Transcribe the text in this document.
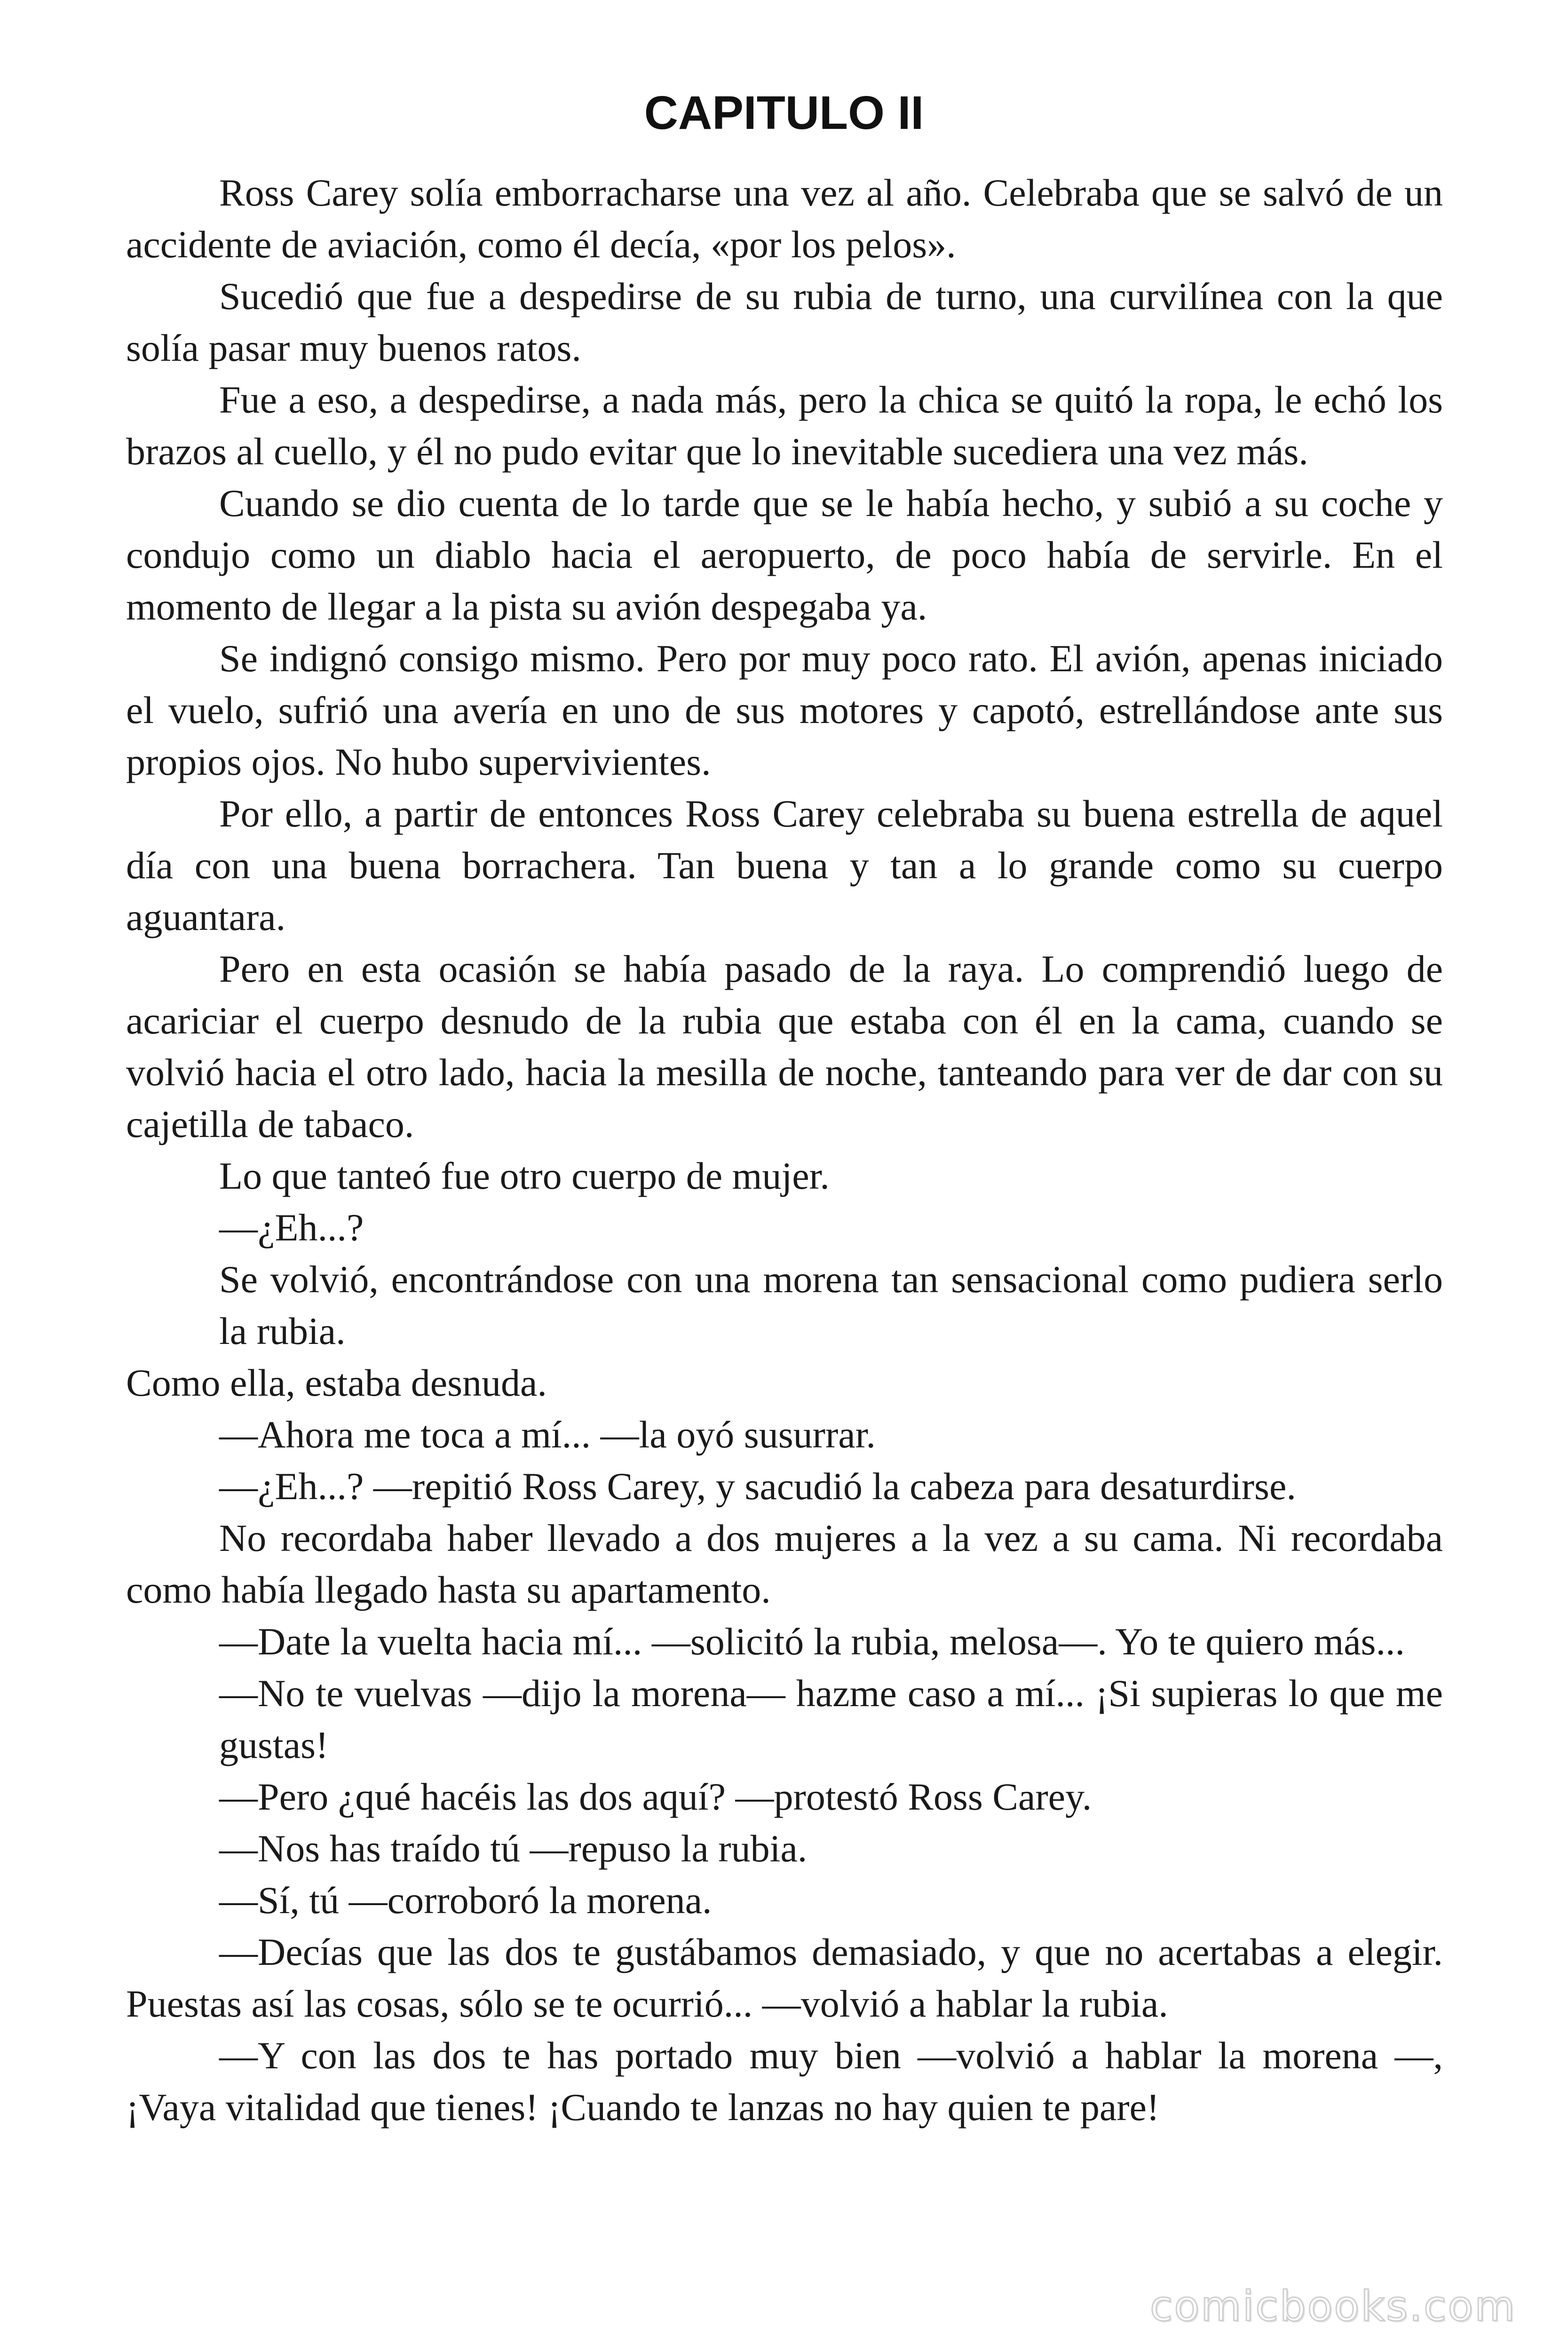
CAPITULO II

Ross Carey solía emborracharse una vez al año. Celebraba que se salvó de un accidente de aviación, como él decía, «por los pelos».

Sucedió que fue a despedirse de su rubia de turno, una curvilínea con la que solía pasar muy buenos ratos.

Fue a eso, a despedirse, a nada más, pero la chica se quitó la ropa, le echó los brazos al cuello, y él no pudo evitar que lo inevitable sucediera una vez más.

Cuando se dio cuenta de lo tarde que se le había hecho, y subió a su coche y condujo como un diablo hacia el aeropuerto, de poco había de servirle. En el momento de llegar a la pista su avión despegaba ya.

Se indignó consigo mismo. Pero por muy poco rato. El avión, apenas iniciado el vuelo, sufrió una avería en uno de sus motores y capotó, estrellándose ante sus propios ojos. No hubo supervivientes.

Por ello, a partir de entonces Ross Carey celebraba su buena estrella de aquel día con una buena borrachera. Tan buena y tan a lo grande como su cuerpo aguantara.

Pero en esta ocasión se había pasado de la raya. Lo comprendió luego de acariciar el cuerpo desnudo de la rubia que estaba con él en la cama, cuando se volvió hacia el otro lado, hacia la mesilla de noche, tanteando para ver de dar con su cajetilla de tabaco.

Lo que tanteó fue otro cuerpo de mujer.

—¿Eh...?

Se volvió, encontrándose con una morena tan sensacional como pudiera serlo la rubia.

Como ella, estaba desnuda.

—Ahora me toca a mí... —la oyó susurrar.

—¿Eh...? —repitió Ross Carey, y sacudió la cabeza para desaturdirse.

No recordaba haber llevado a dos mujeres a la vez a su cama. Ni recordaba como había llegado hasta su apartamento.

—Date la vuelta hacia mí... —solicitó la rubia, melosa—. Yo te quiero más...

—No te vuelvas —dijo la morena— hazme caso a mí... ¡Si supieras lo que me gustas!

—Pero ¿qué hacéis las dos aquí? —protestó Ross Carey.

—Nos has traído tú —repuso la rubia.

—Sí, tú —corroboró la morena.

—Decías que las dos te gustábamos demasiado, y que no acertabas a elegir. Puestas así las cosas, sólo se te ocurrió... —volvió a hablar la rubia.

—Y con las dos te has portado muy bien —volvió a hablar la morena —, ¡Vaya vitalidad que tienes! ¡Cuando te lanzas no hay quien te pare!

comicbooks.com
